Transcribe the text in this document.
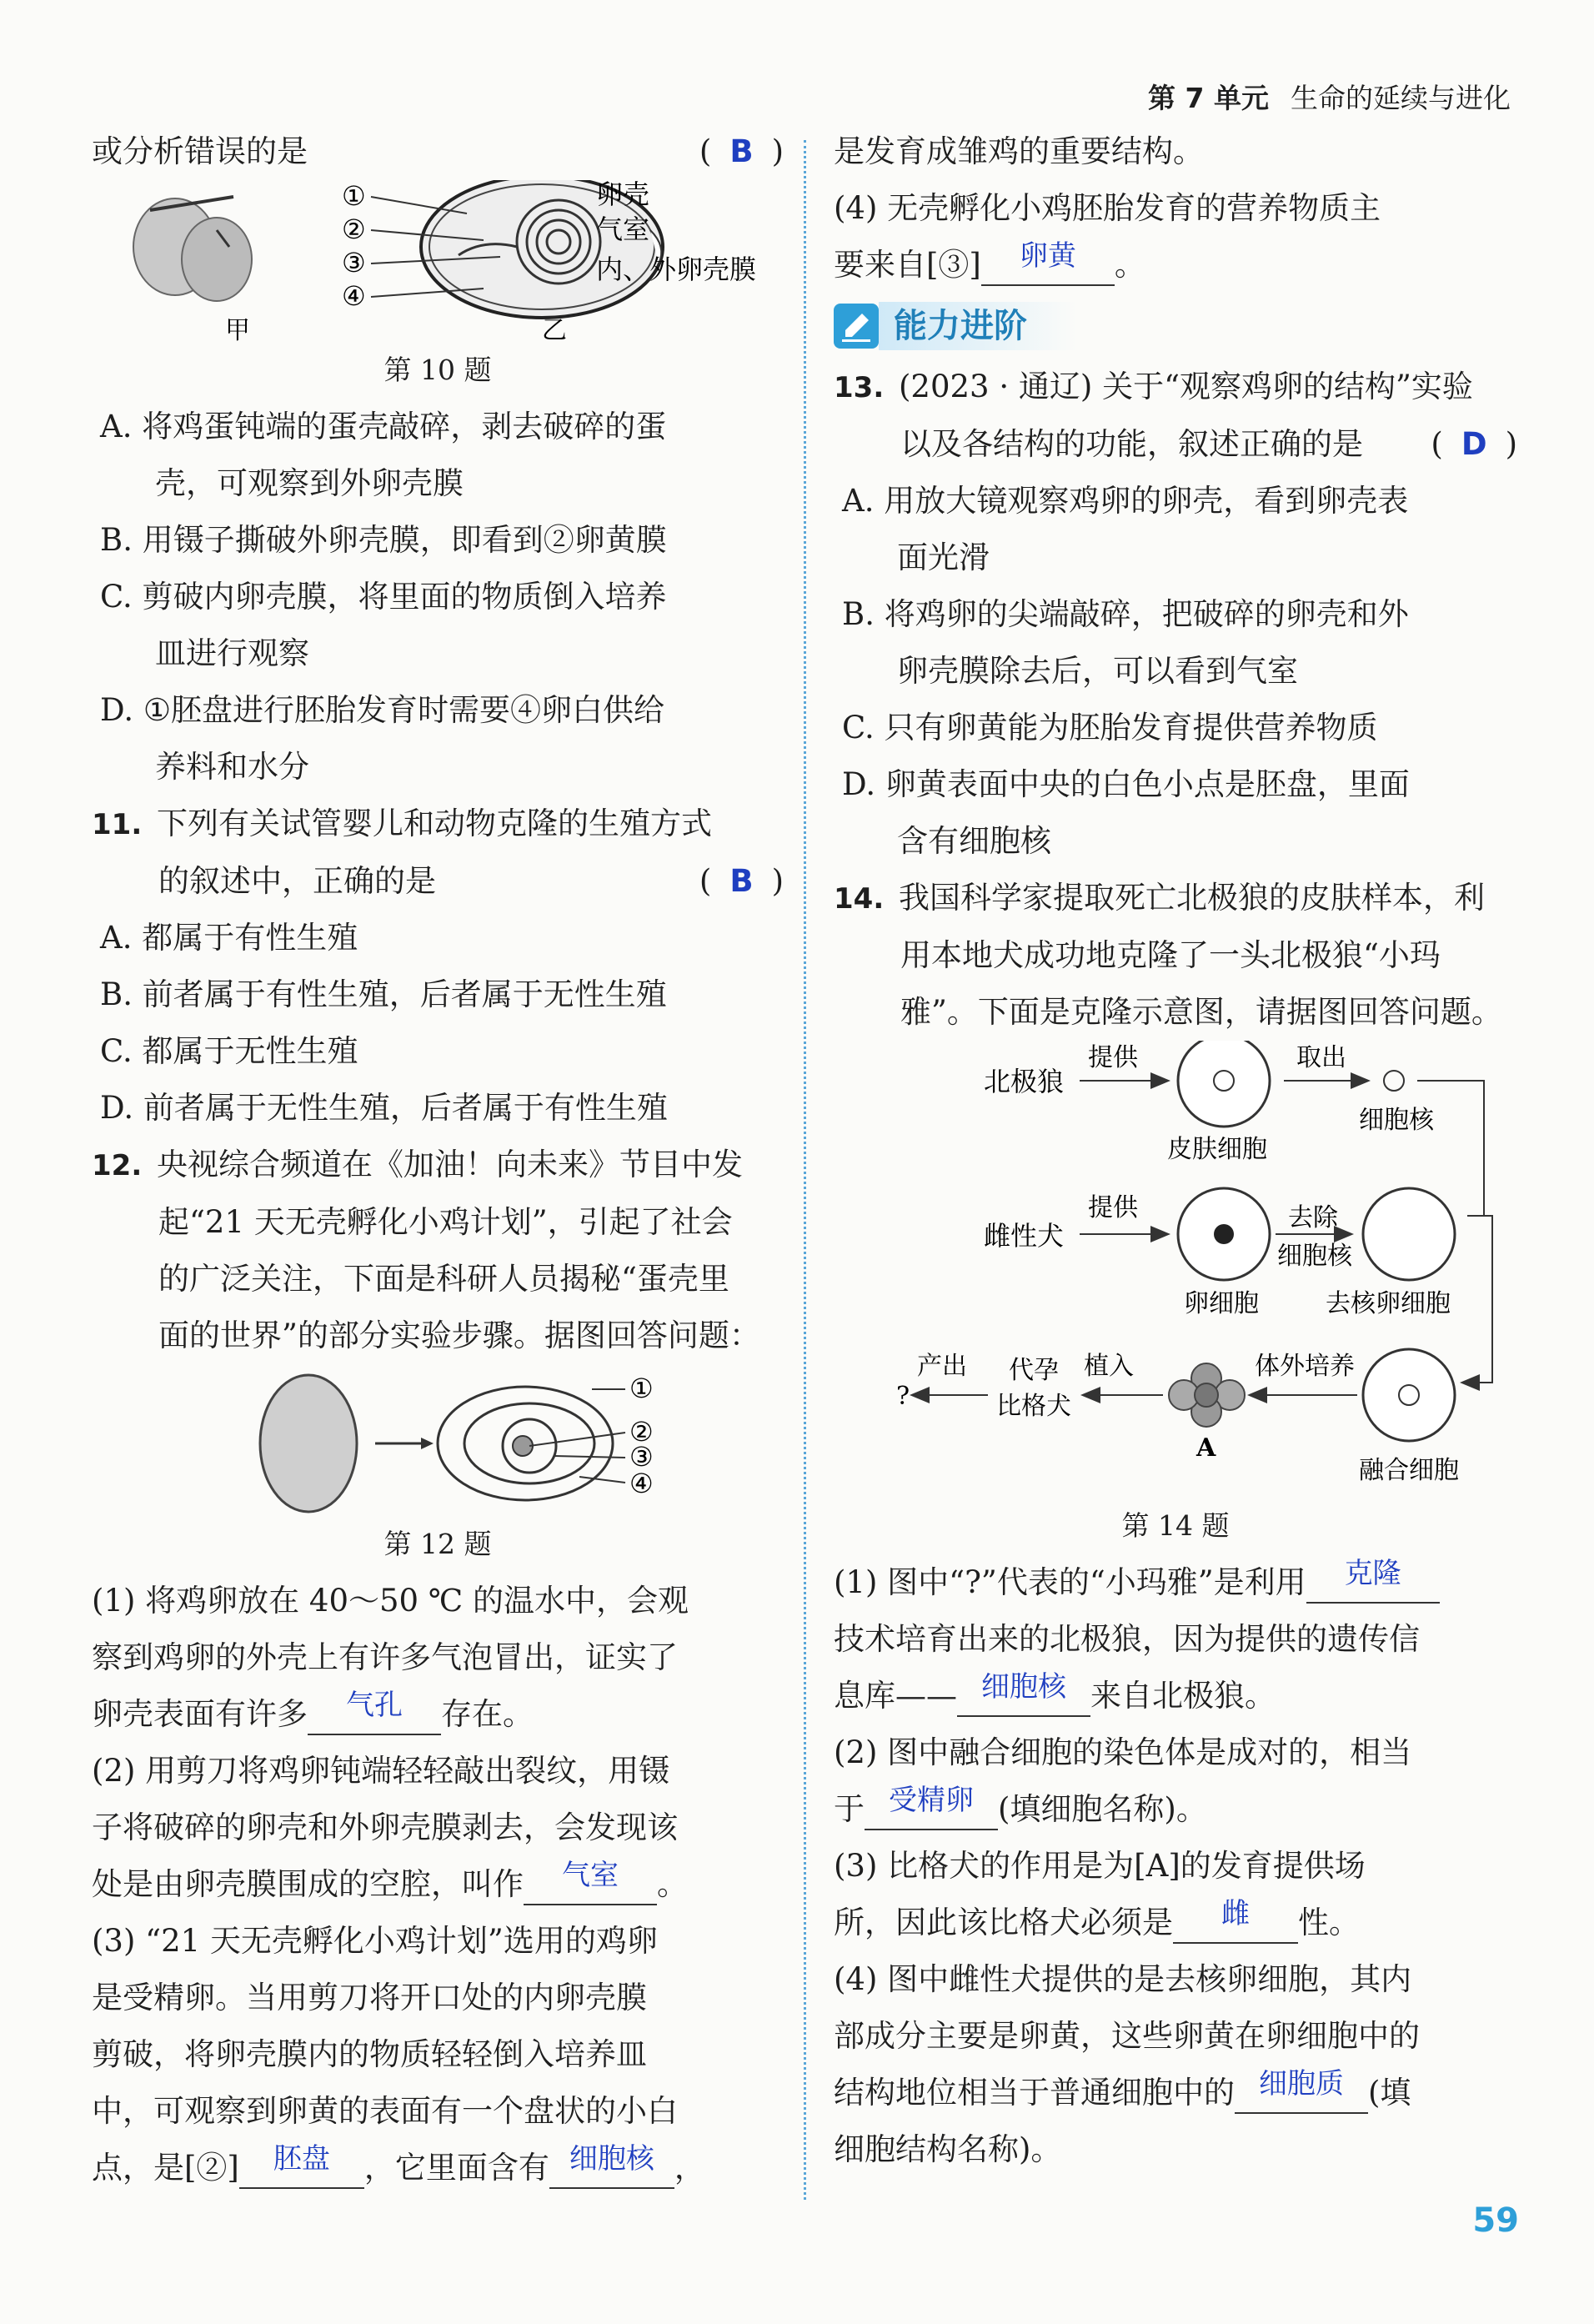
第 7 单元 生命的延续与进化
或分析错误的是	( B )
①
②
③
④
卵壳
气室
内、外卵壳膜
甲	乙
第 10 题
A. 将鸡蛋钝端的蛋壳敲碎，剥去破碎的蛋
壳，可观察到外卵壳膜
B. 用镊子撕破外卵壳膜，即看到②卵黄膜
C. 剪破内卵壳膜，将里面的物质倒入培养
皿进行观察
D. ①胚盘进行胚胎发育时需要④卵白供给
养料和水分
11. 下列有关试管婴儿和动物克隆的生殖方式
的叙述中，正确的是	( B )
A. 都属于有性生殖
B. 前者属于有性生殖，后者属于无性生殖
C. 都属于无性生殖
D. 前者属于无性生殖，后者属于有性生殖
12. 央视综合频道在《加油！向未来》节目中发
起“21 天无壳孵化小鸡计划”，引起了社会
的广泛关注，下面是科研人员揭秘“蛋壳里
面的世界”的部分实验步骤。据图回答问题：
①
②
③
④
第 12 题
(1) 将鸡卵放在 40～50 ℃ 的温水中，会观
察到鸡卵的外壳上有许多气泡冒出，证实了
卵壳表面有许多 气孔 存在。
(2) 用剪刀将鸡卵钝端轻轻敲出裂纹，用镊
子将破碎的卵壳和外卵壳膜剥去，会发现该
处是由卵壳膜围成的空腔，叫作 气室 。
(3) “21 天无壳孵化小鸡计划”选用的鸡卵
是受精卵。当用剪刀将开口处的内卵壳膜
剪破，将卵壳膜内的物质轻轻倒入培养皿
中，可观察到卵黄的表面有一个盘状的小白
点，是[②] 胚盘 ，它里面含有 细胞核 ，
是发育成雏鸡的重要结构。
(4) 无壳孵化小鸡胚胎发育的营养物质主
要来自[③] 卵黄 。
能力进阶
13. (2023 · 通辽) 关于“观察鸡卵的结构”实验
以及各结构的功能，叙述正确的是 ( D )
A. 用放大镜观察鸡卵的卵壳，看到卵壳表
面光滑
B. 将鸡卵的尖端敲碎，把破碎的卵壳和外
卵壳膜除去后，可以看到气室
C. 只有卵黄能为胚胎发育提供营养物质
D. 卵黄表面中央的白色小点是胚盘，里面
含有细胞核
14. 我国科学家提取死亡北极狼的皮肤样本，利
用本地犬成功地克隆了一头北极狼“小玛
雅”。下面是克隆示意图，请据图回答问题。
北极狼
提供
皮肤细胞
取出
细胞核
雌性犬
提供
卵细胞
去除
细胞核
去核卵细胞
融合细胞
体外培养
A
植入
代孕
比格犬
产出
?
第 14 题
(1) 图中“?”代表的“小玛雅”是利用 克隆
技术培育出来的北极狼，因为提供的遗传信
息库—— 细胞核 来自北极狼。
(2) 图中融合细胞的染色体是成对的，相当
于 受精卵 (填细胞名称)。
(3) 比格犬的作用是为[A]的发育提供场
所，因此该比格犬必须是 雌 性。
(4) 图中雌性犬提供的是去核卵细胞，其内
部成分主要是卵黄，这些卵黄在卵细胞中的
结构地位相当于普通细胞中的 细胞质 (填
细胞结构名称)。
59
